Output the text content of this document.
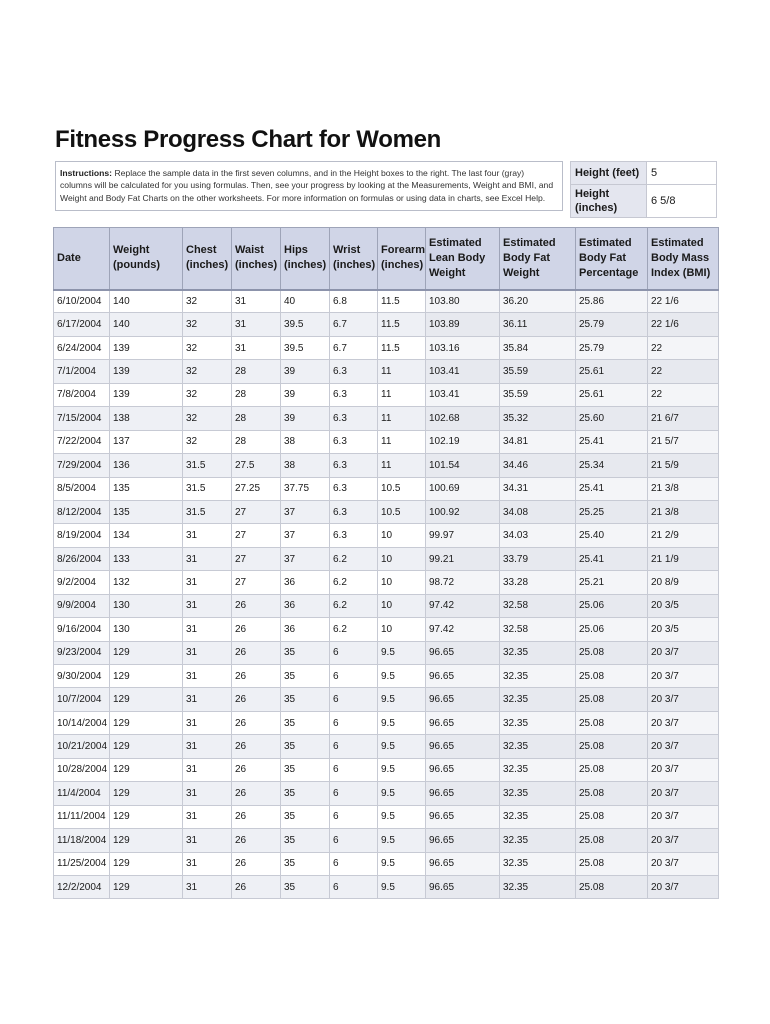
Fitness Progress Chart for Women
Instructions: Replace the sample data in the first seven columns, and in the Height boxes to the right. The last four (gray) columns will be calculated for you using formulas. Then, see your progress by looking at the Measurements, Weight and BMI, and Weight and Body Fat Charts on the other worksheets. For more information on formulas or using data in charts, see Excel Help.
Height (feet)	5
Height (inches)	6 5/8
Date	Weight (pounds)	Chest (inches)	Waist (inches)	Hips (inches)	Wrist (inches)	Forearm (inches)	Estimated Lean Body Weight	Estimated Body Fat Weight	Estimated Body Fat Percentage	Estimated Body Mass Index (BMI)
6/10/2004	140	32	31	40	6.8	11.5	103.80	36.20	25.86	22 1/6
6/17/2004	140	32	31	39.5	6.7	11.5	103.89	36.11	25.79	22 1/6
6/24/2004	139	32	31	39.5	6.7	11.5	103.16	35.84	25.79	22
7/1/2004	139	32	28	39	6.3	11	103.41	35.59	25.61	22
7/8/2004	139	32	28	39	6.3	11	103.41	35.59	25.61	22
7/15/2004	138	32	28	39	6.3	11	102.68	35.32	25.60	21 6/7
7/22/2004	137	32	28	38	6.3	11	102.19	34.81	25.41	21 5/7
7/29/2004	136	31.5	27.5	38	6.3	11	101.54	34.46	25.34	21 5/9
8/5/2004	135	31.5	27.25	37.75	6.3	10.5	100.69	34.31	25.41	21 3/8
8/12/2004	135	31.5	27	37	6.3	10.5	100.92	34.08	25.25	21 3/8
8/19/2004	134	31	27	37	6.3	10	99.97	34.03	25.40	21 2/9
8/26/2004	133	31	27	37	6.2	10	99.21	33.79	25.41	21 1/9
9/2/2004	132	31	27	36	6.2	10	98.72	33.28	25.21	20 8/9
9/9/2004	130	31	26	36	6.2	10	97.42	32.58	25.06	20 3/5
9/16/2004	130	31	26	36	6.2	10	97.42	32.58	25.06	20 3/5
9/23/2004	129	31	26	35	6	9.5	96.65	32.35	25.08	20 3/7
9/30/2004	129	31	26	35	6	9.5	96.65	32.35	25.08	20 3/7
10/7/2004	129	31	26	35	6	9.5	96.65	32.35	25.08	20 3/7
10/14/2004	129	31	26	35	6	9.5	96.65	32.35	25.08	20 3/7
10/21/2004	129	31	26	35	6	9.5	96.65	32.35	25.08	20 3/7
10/28/2004	129	31	26	35	6	9.5	96.65	32.35	25.08	20 3/7
11/4/2004	129	31	26	35	6	9.5	96.65	32.35	25.08	20 3/7
11/11/2004	129	31	26	35	6	9.5	96.65	32.35	25.08	20 3/7
11/18/2004	129	31	26	35	6	9.5	96.65	32.35	25.08	20 3/7
11/25/2004	129	31	26	35	6	9.5	96.65	32.35	25.08	20 3/7
12/2/2004	129	31	26	35	6	9.5	96.65	32.35	25.08	20 3/7
